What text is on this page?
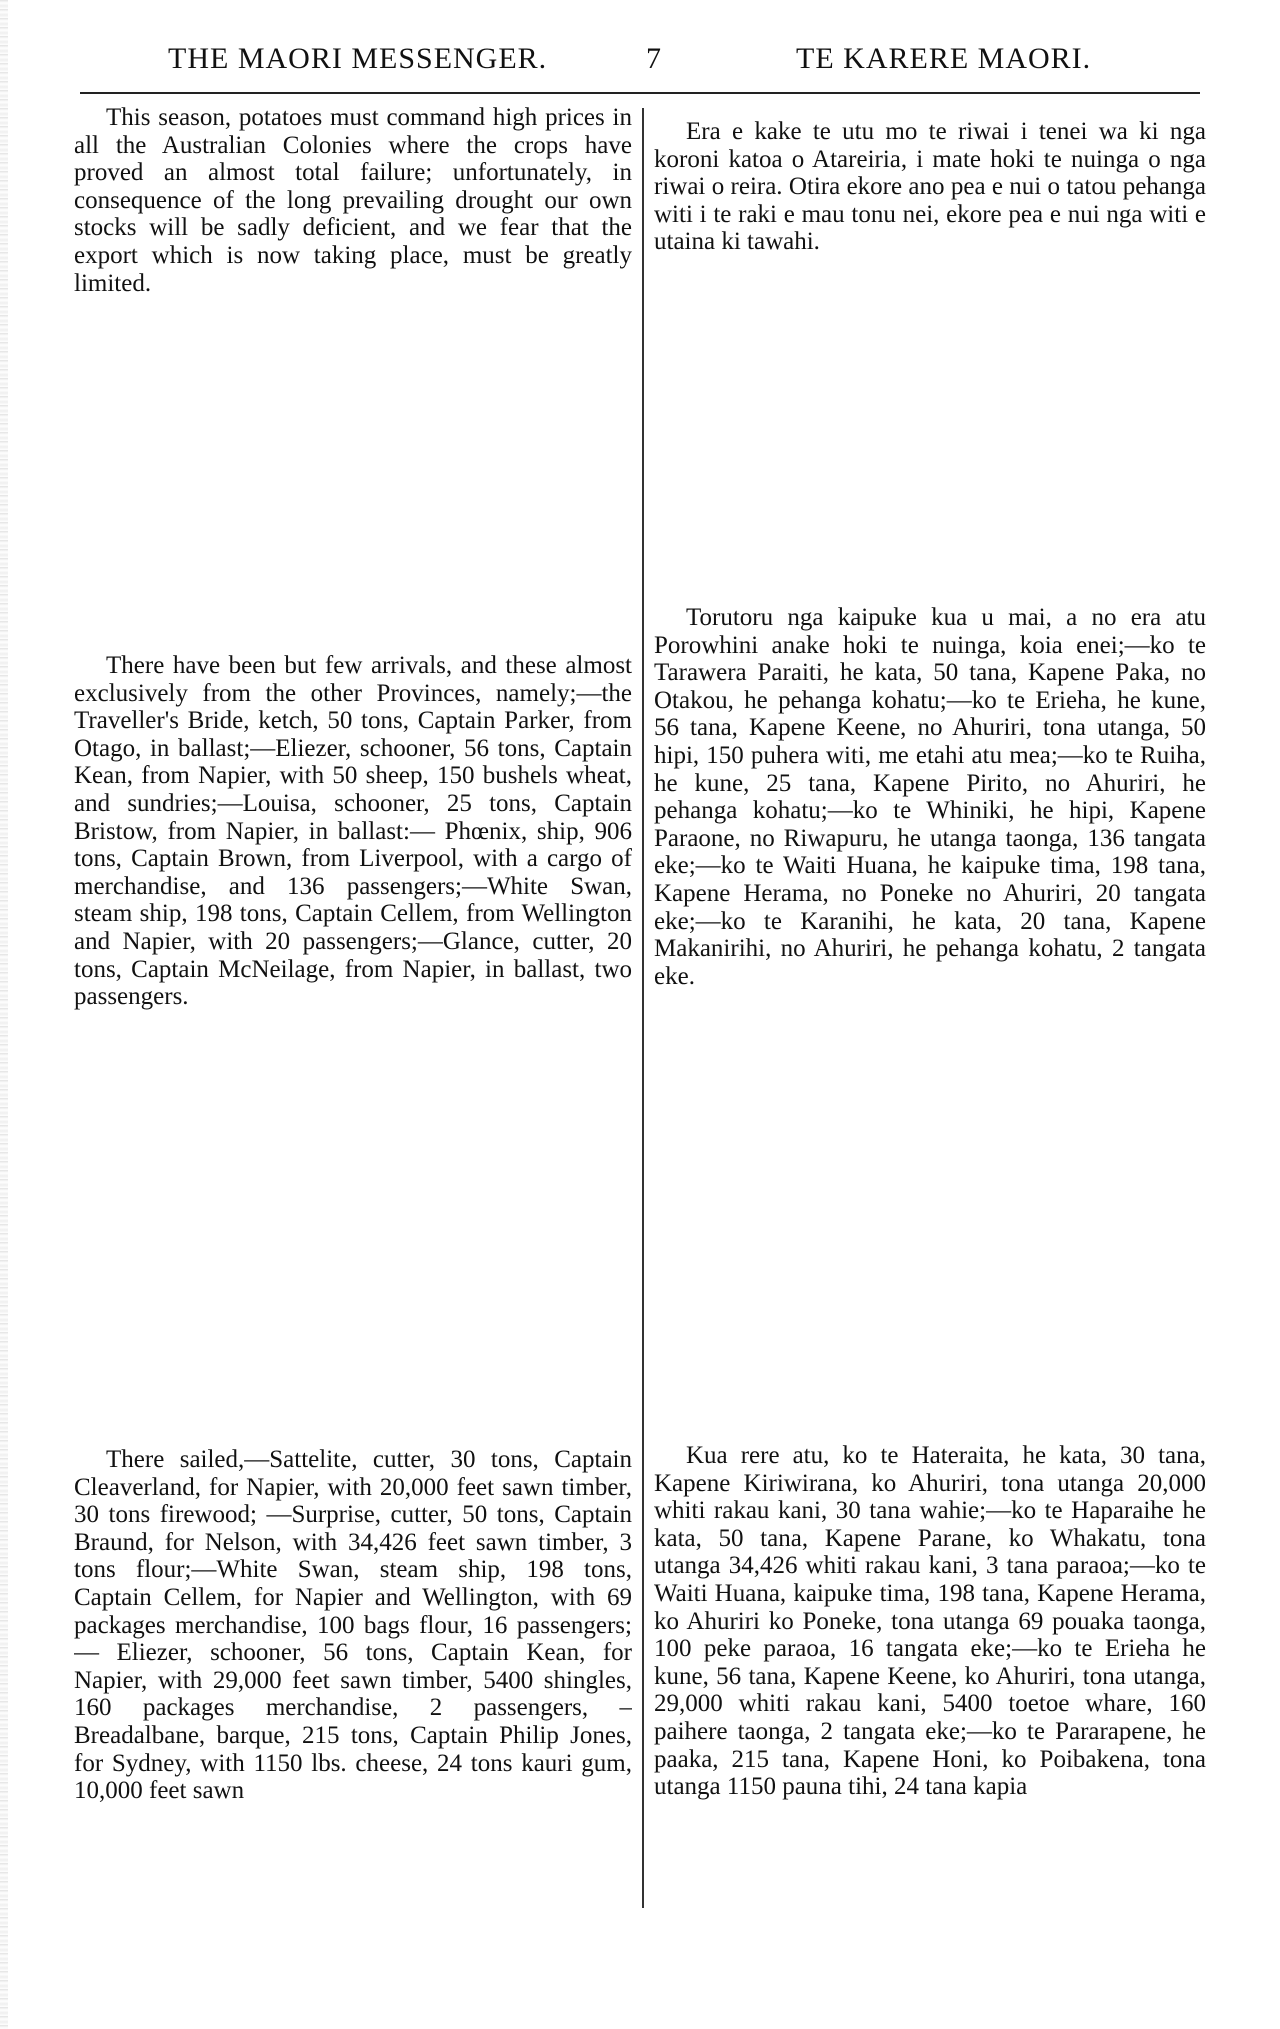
THE MAORI MESSENGER.	7	TE KARERE MAORI.

This season, potatoes must command high prices in all the Australian Colonies where the crops have proved an almost total failure; unfortunately, in consequence of the long prevailing drought our own stocks will be sadly deficient, and we fear that the export which is now taking place, must be greatly limited.

There have been but few arrivals, and these almost exclusively from the other Provinces, namely;—the Traveller's Bride, ketch, 50 tons, Captain Parker, from Otago, in ballast;—Eliezer, schooner, 56 tons, Captain Kean, from Napier, with 50 sheep, 150 bushels wheat, and sundries;—Louisa, schooner, 25 tons, Captain Bristow, from Napier, in ballast:— Phœnix, ship, 906 tons, Captain Brown, from Liverpool, with a cargo of merchandise, and 136 passengers;—White Swan, steam ship, 198 tons, Captain Cellem, from Wellington and Napier, with 20 passengers;—Glance, cutter, 20 tons, Captain McNeilage, from Napier, in ballast, two passengers.

There sailed,—Sattelite, cutter, 30 tons, Captain Cleaverland, for Napier, with 20,000 feet sawn timber, 30 tons firewood; —Surprise, cutter, 50 tons, Captain Braund, for Nelson, with 34,426 feet sawn timber, 3 tons flour;—White Swan, steam ship, 198 tons, Captain Cellem, for Napier and Wellington, with 69 packages merchandise, 100 bags flour, 16 passengers;— Eliezer, schooner, 56 tons, Captain Kean, for Napier, with 29,000 feet sawn timber, 5400 shingles, 160 packages merchandise, 2 passengers, – Breadalbane, barque, 215 tons, Captain Philip Jones, for Sydney, with 1150 lbs. cheese, 24 tons kauri gum, 10,000 feet sawn

Era e kake te utu mo te riwai i tenei wa ki nga koroni katoa o Atareiria, i mate hoki te nuinga o nga riwai o reira. Otira ekore ano pea e nui o tatou pehanga witi i te raki e mau tonu nei, ekore pea e nui nga witi e utaina ki tawahi.

Torutoru nga kaipuke kua u mai, a no era atu Porowhini anake hoki te nuinga, koia enei;—ko te Tarawera Paraiti, he kata, 50 tana, Kapene Paka, no Otakou, he pehanga kohatu;—ko te Erieha, he kune, 56 tana, Kapene Keene, no Ahuriri, tona utanga, 50 hipi, 150 puhera witi, me etahi atu mea;—ko te Ruiha, he kune, 25 tana, Kapene Pirito, no Ahuriri, he pehanga kohatu;—ko te Whiniki, he hipi, Kapene Paraone, no Riwapuru, he utanga taonga, 136 tangata eke;—ko te Waiti Huana, he kaipuke tima, 198 tana, Kapene Herama, no Poneke no Ahuriri, 20 tangata eke;—ko te Karanihi, he kata, 20 tana, Kapene Makanirihi, no Ahuriri, he pehanga kohatu, 2 tangata eke.

Kua rere atu, ko te Hateraita, he kata, 30 tana, Kapene Kiriwirana, ko Ahuriri, tona utanga 20,000 whiti rakau kani, 30 tana wahie;—ko te Haparaihe he kata, 50 tana, Kapene Parane, ko Whakatu, tona utanga 34,426 whiti rakau kani, 3 tana paraoa;—ko te Waiti Huana, kaipuke tima, 198 tana, Kapene Herama, ko Ahuriri ko Poneke, tona utanga 69 pouaka taonga, 100 peke paraoa, 16 tangata eke;—ko te Erieha he kune, 56 tana, Kapene Keene, ko Ahuriri, tona utanga, 29,000 whiti rakau kani, 5400 toetoe whare, 160 paihere taonga, 2 tangata eke;—ko te Pararapene, he paaka, 215 tana, Kapene Honi, ko Poibakena, tona utanga 1150 pauna tihi, 24 tana kapia
